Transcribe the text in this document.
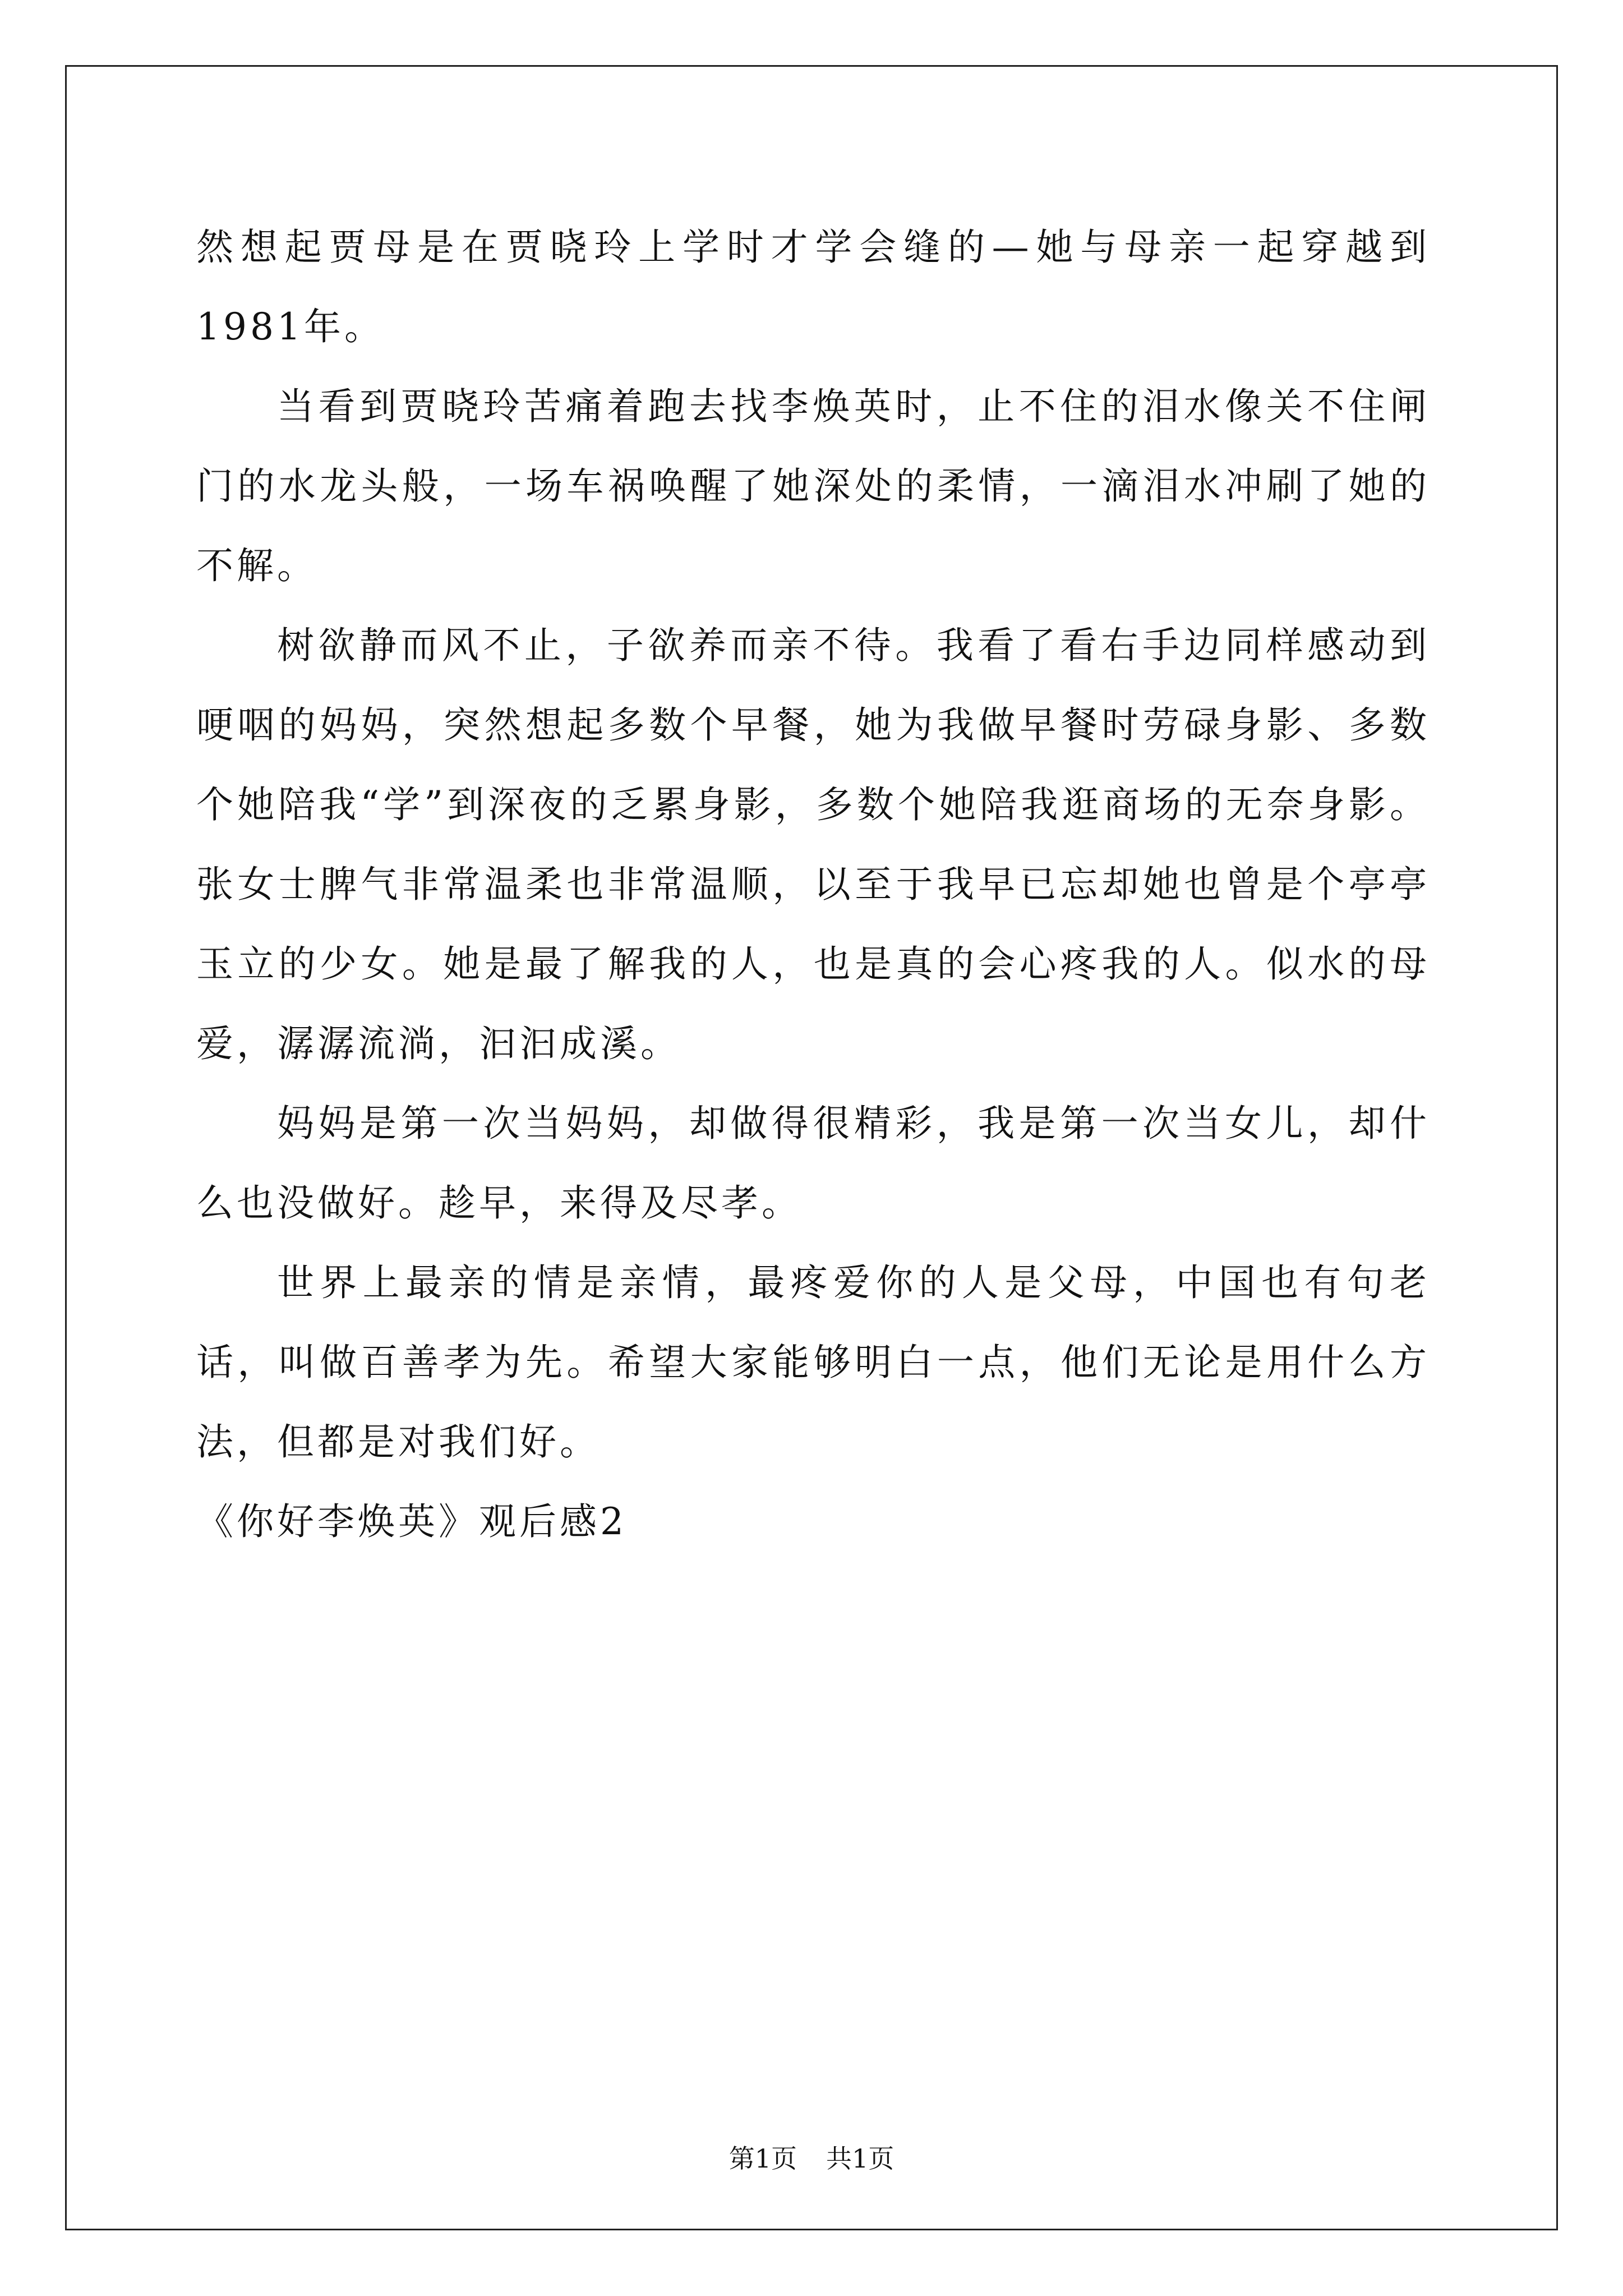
然想起贾母是在贾晓玲上学时才学会缝的—她与母亲一起穿越到1981年。

当看到贾晓玲苦痛着跑去找李焕英时，止不住的泪水像关不住闸门的水龙头般，一场车祸唤醒了她深处的柔情，一滴泪水冲刷了她的不解。

树欲静而风不止，子欲养而亲不待。我看了看右手边同样感动到哽咽的妈妈，突然想起多数个早餐，她为我做早餐时劳碌身影、多数个她陪我“学”到深夜的乏累身影，多数个她陪我逛商场的无奈身影。张女士脾气非常温柔也非常温顺，以至于我早已忘却她也曾是个亭亭玉立的少女。她是最了解我的人，也是真的会心疼我的人。似水的母爱，潺潺流淌，汩汩成溪。

妈妈是第一次当妈妈，却做得很精彩，我是第一次当女儿，却什么也没做好。趁早，来得及尽孝。

世界上最亲的情是亲情，最疼爱你的人是父母，中国也有句老话，叫做百善孝为先。希望大家能够明白一点，他们无论是用什么方法，但都是对我们好。

《你好李焕英》观后感2

第1页 共1页
